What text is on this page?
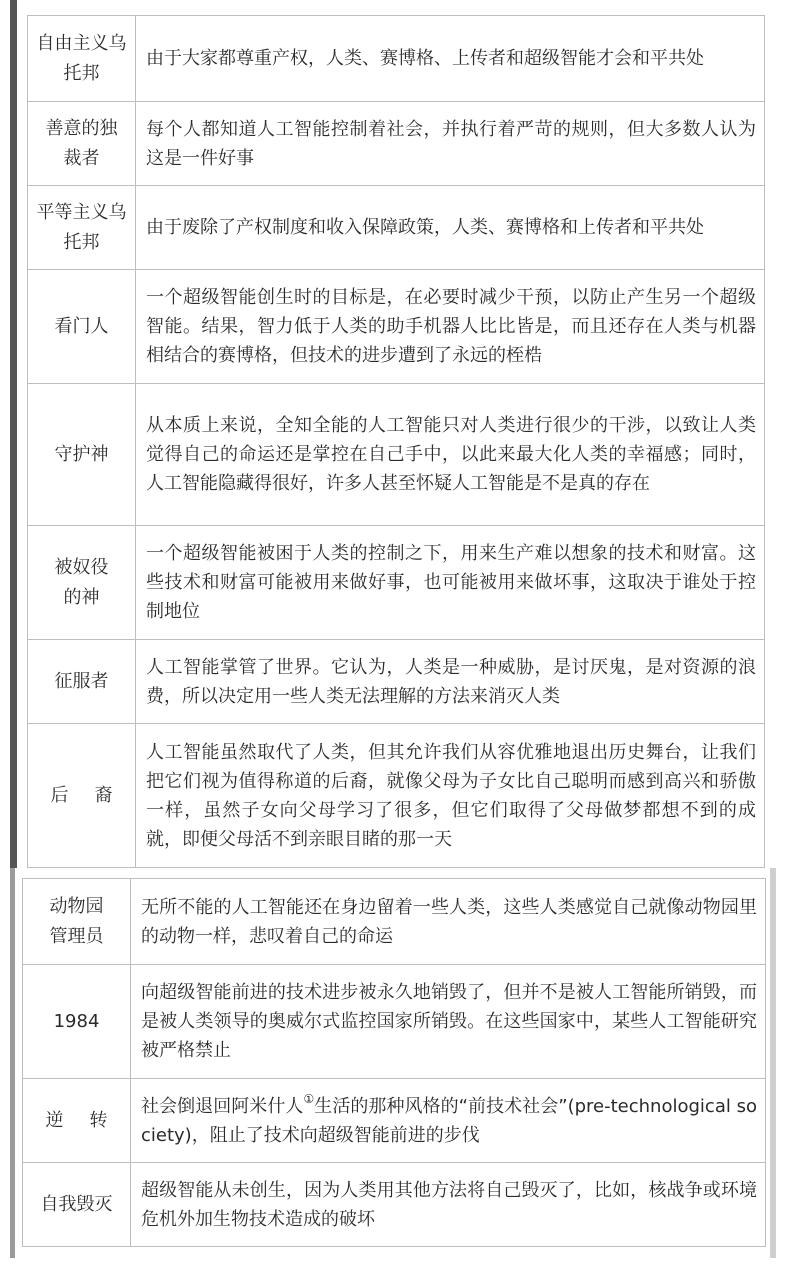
自由主义乌托邦	由于大家都尊重产权，人类、赛博格、上传者和超级智能才会和平共处
善意的独裁者	每个人都知道人工智能控制着社会，并执行着严苛的规则，但大多数人认为这是一件好事
平等主义乌托邦	由于废除了产权制度和收入保障政策，人类、赛博格和上传者和平共处
看门人	一个超级智能创生时的目标是，在必要时减少干预，以防止产生另一个超级智能。结果，智力低于人类的助手机器人比比皆是，而且还存在人类与机器相结合的赛博格，但技术的进步遭到了永远的桎梏
守护神	从本质上来说，全知全能的人工智能只对人类进行很少的干涉，以致让人类觉得自己的命运还是掌控在自己手中，以此来最大化人类的幸福感；同时，人工智能隐藏得很好，许多人甚至怀疑人工智能是不是真的存在
被奴役的神	一个超级智能被困于人类的控制之下，用来生产难以想象的技术和财富。这些技术和财富可能被用来做好事，也可能被用来做坏事，这取决于谁处于控制地位
征服者	人工智能掌管了世界。它认为，人类是一种威胁，是讨厌鬼，是对资源的浪费，所以决定用一些人类无法理解的方法来消灭人类
后裔	人工智能虽然取代了人类，但其允许我们从容优雅地退出历史舞台，让我们把它们视为值得称道的后裔，就像父母为子女比自己聪明而感到高兴和骄傲一样，虽然子女向父母学习了很多，但它们取得了父母做梦都想不到的成就，即便父母活不到亲眼目睹的那一天
动物园管理员	无所不能的人工智能还在身边留着一些人类，这些人类感觉自己就像动物园里的动物一样，悲叹着自己的命运
1984	向超级智能前进的技术进步被永久地销毁了，但并不是被人工智能所销毁，而是被人类领导的奥威尔式监控国家所销毁。在这些国家中，某些人工智能研究被严格禁止
逆转	社会倒退回阿米什人①生活的那种风格的“前技术社会”(pre-technological society)，阻止了技术向超级智能前进的步伐
自我毁灭	超级智能从未创生，因为人类用其他方法将自己毁灭了，比如，核战争或环境危机外加生物技术造成的破坏
